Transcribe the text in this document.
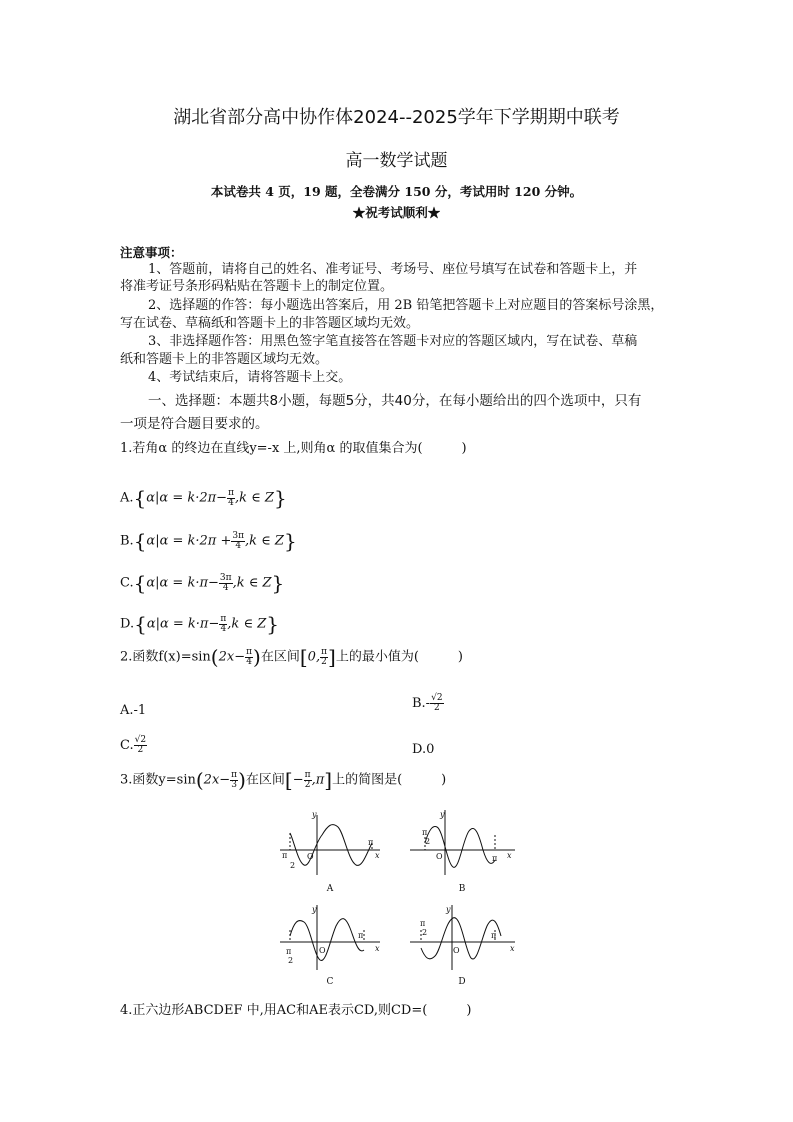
湖北省部分高中协作体2024--2025学年下学期期中联考
高一数学试题
本试卷共 4 页，19 题，全卷满分 150 分，考试用时 120 分钟。
★祝考试顺利★
注意事项：
1、答题前，请将自己的姓名、准考证号、考场号、座位号填写在试卷和答题卡上，并
将准考证号条形码粘贴在答题卡上的制定位置。
2、选择题的作答：每小题选出答案后，用 2B 铅笔把答题卡上对应题目的答案标号涂黑，
写在试卷、草稿纸和答题卡上的非答题区域均无效。
3、非选择题作答：用黑色签字笔直接答在答题卡对应的答题区域内，写在试卷、草稿
纸和答题卡上的非答题区域均无效。
4、考试结束后，请将答题卡上交。
一、选择题：本题共8小题，每题5分，共40分，在每小题给出的四个选项中，只有
一项是符合题目要求的。
1.若角α 的终边在直线y=-x 上,则角α 的取值集合为(　　　)
$A.\{\alpha|\alpha = k\cdot 2\pi- \frac{\pi}{4} ,k$ ∈ Z}
$B.\{\alpha|\alpha = k\cdot 2\pi + \frac{3\pi}{4} ,k$ ∈ Z}
$C.\{\alpha|\alpha = k\cdot\pi- \frac{3\pi}{4} ,k$ ∈ Z}
$D.\{\alpha|\alpha = k\cdot\pi- \frac{\pi}{4} ,k$ ∈ Z}
2.函数$f(x)=\sin(2x- \frac{\pi}{4}$ )在区间[0, $\frac{\pi}{2}$ ]上的最小值为(　　　)
A.-1	$B.- \frac{√2}{2}$
C. $\frac{√2}{2}$	D.0
3.函数$y=\sin(2x- \frac{\pi}{3}$ )在区间[− $\frac{\pi}{2} ,\pi$]上的简图是(　　　)
y
x
O
π
π
2
y
x
O	π
π
2
y
x
O
π
π
2
y
x
O
π
π
2
A	B
C	D
4.正六边形ABCDEF 中,用AC和AE表示CD,则CD=(　　　)
